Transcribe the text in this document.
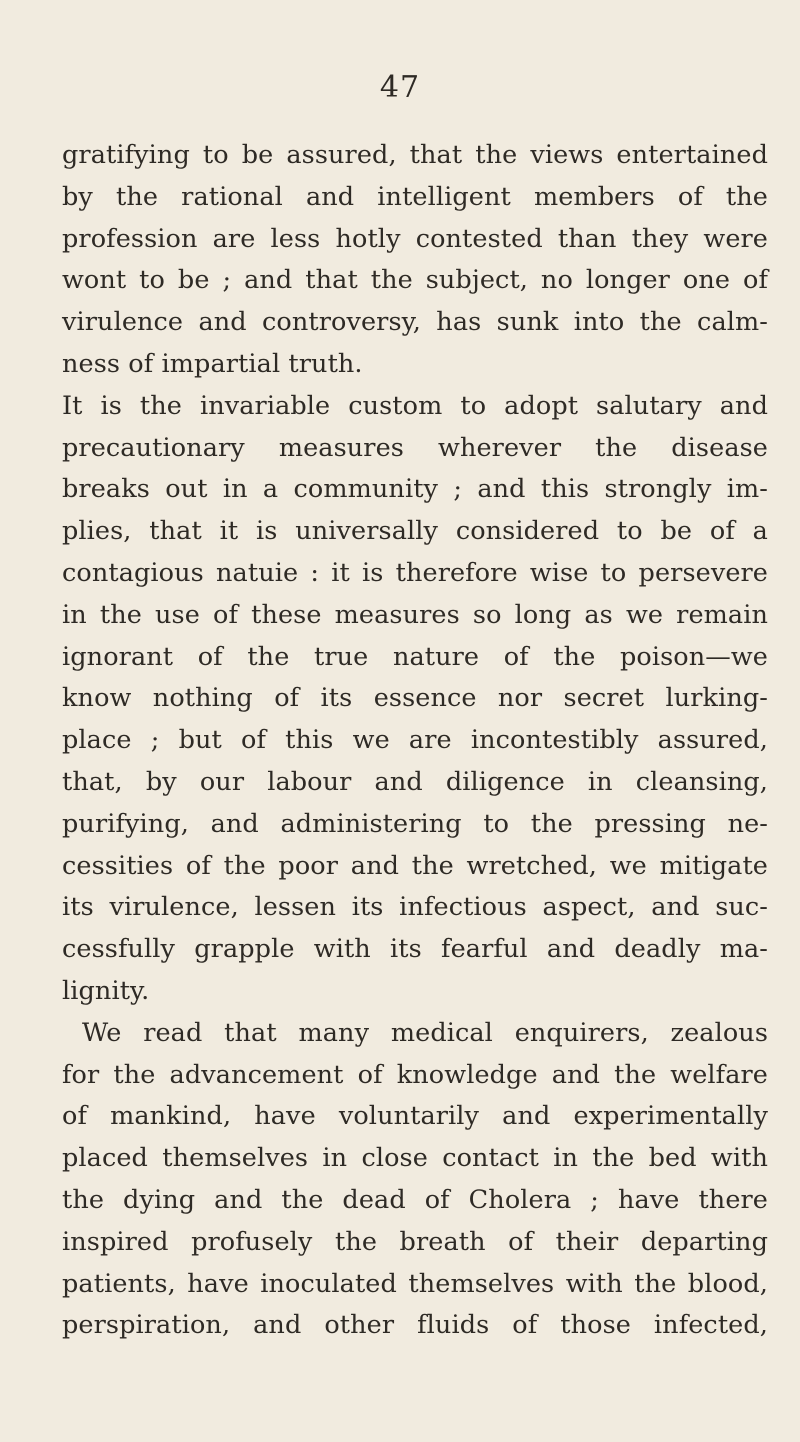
47
gratifying to be assured, that the views entertained
by the rational and intelligent members of the
profession are less hotly contested than they were
wont to be ; and that the subject, no longer one of
virulence and controversy, has sunk into the calm-
ness of impartial truth.
It is the invariable custom to adopt salutary and
precautionary measures wherever the disease
breaks out in a community ; and this strongly im-
plies, that it is universally considered to be of a
contagious natuie : it is therefore wise to persevere
in the use of these measures so long as we remain
ignorant of the true nature of the poison—we
know nothing of its essence nor secret lurking-
place ; but of this we are incontestibly assured,
that, by our labour and diligence in cleansing,
purifying, and administering to the pressing ne-
cessities of the poor and the wretched, we mitigate
its virulence, lessen its infectious aspect, and suc-
cessfully grapple with its fearful and deadly ma-
lignity.
We read that many medical enquirers, zealous
for the advancement of knowledge and the welfare
of mankind, have voluntarily and experimentally
placed themselves in close contact in the bed with
the dying and the dead of Cholera ; have there
inspired profusely the breath of their departing
patients, have inoculated themselves with the blood,
perspiration, and other fluids of those infected,
